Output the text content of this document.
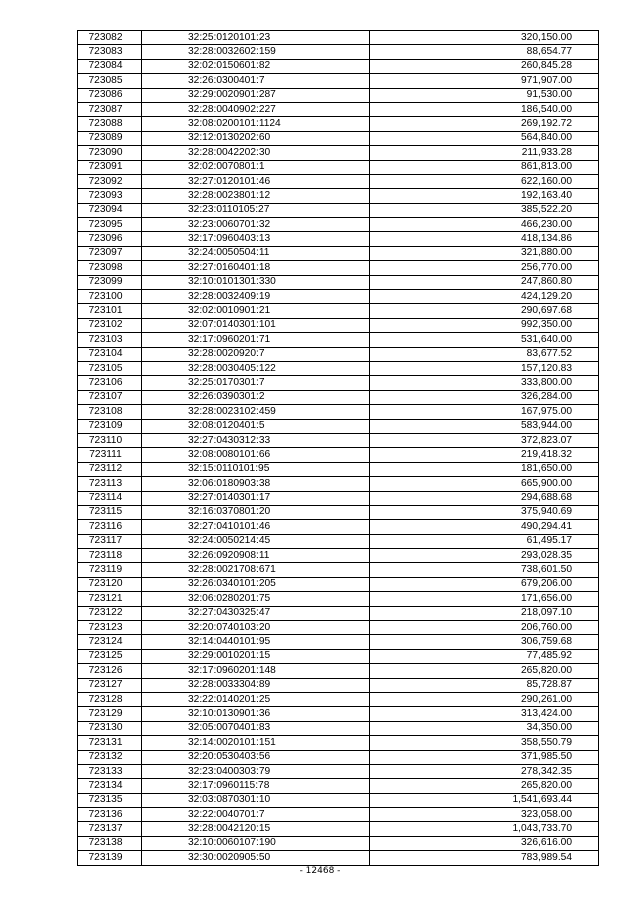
723082	32:25:0120101:23	320,150.00
723083	32:28:0032602:159	88,654.77
723084	32:02:0150601:82	260,845.28
723085	32:26:0300401:7	971,907.00
723086	32:29:0020901:287	91,530.00
723087	32:28:0040902:227	186,540.00
723088	32:08:0200101:1124	269,192.72
723089	32:12:0130202:60	564,840.00
723090	32:28:0042202:30	211,933.28
723091	32:02:0070801:1	861,813.00
723092	32:27:0120101:46	622,160.00
723093	32:28:0023801:12	192,163.40
723094	32:23:0110105:27	385,522.20
723095	32:23:0060701:32	466,230.00
723096	32:17:0960403:13	418,134.86
723097	32:24:0050504:11	321,880.00
723098	32:27:0160401:18	256,770.00
723099	32:10:0101301:330	247,860.80
723100	32:28:0032409:19	424,129.20
723101	32:02:0010901:21	290,697.68
723102	32:07:0140301:101	992,350.00
723103	32:17:0960201:71	531,640.00
723104	32:28:0020920:7	83,677.52
723105	32:28:0030405:122	157,120.83
723106	32:25:0170301:7	333,800.00
723107	32:26:0390301:2	326,284.00
723108	32:28:0023102:459	167,975.00
723109	32:08:0120401:5	583,944.00
723110	32:27:0430312:33	372,823.07
723111	32:08:0080101:66	219,418.32
723112	32:15:0110101:95	181,650.00
723113	32:06:0180903:38	665,900.00
723114	32:27:0140301:17	294,688.68
723115	32:16:0370801:20	375,940.69
723116	32:27:0410101:46	490,294.41
723117	32:24:0050214:45	61,495.17
723118	32:26:0920908:11	293,028.35
723119	32:28:0021708:671	738,601.50
723120	32:26:0340101:205	679,206.00
723121	32:06:0280201:75	171,656.00
723122	32:27:0430325:47	218,097.10
723123	32:20:0740103:20	206,760.00
723124	32:14:0440101:95	306,759.68
723125	32:29:0010201:15	77,485.92
723126	32:17:0960201:148	265,820.00
723127	32:28:0033304:89	85,728.87
723128	32:22:0140201:25	290,261.00
723129	32:10:0130901:36	313,424.00
723130	32:05:0070401:83	34,350.00
723131	32:14:0020101:151	358,550.79
723132	32:20:0530403:56	371,985.50
723133	32:23:0400303:79	278,342.35
723134	32:17:0960115:78	265,820.00
723135	32:03:0870301:10	1,541,693.44
723136	32:22:0040701:7	323,058.00
723137	32:28:0042120:15	1,043,733.70
723138	32:10:0060107:190	326,616.00
723139	32:30:0020905:50	783,989.54
- 12468 -
